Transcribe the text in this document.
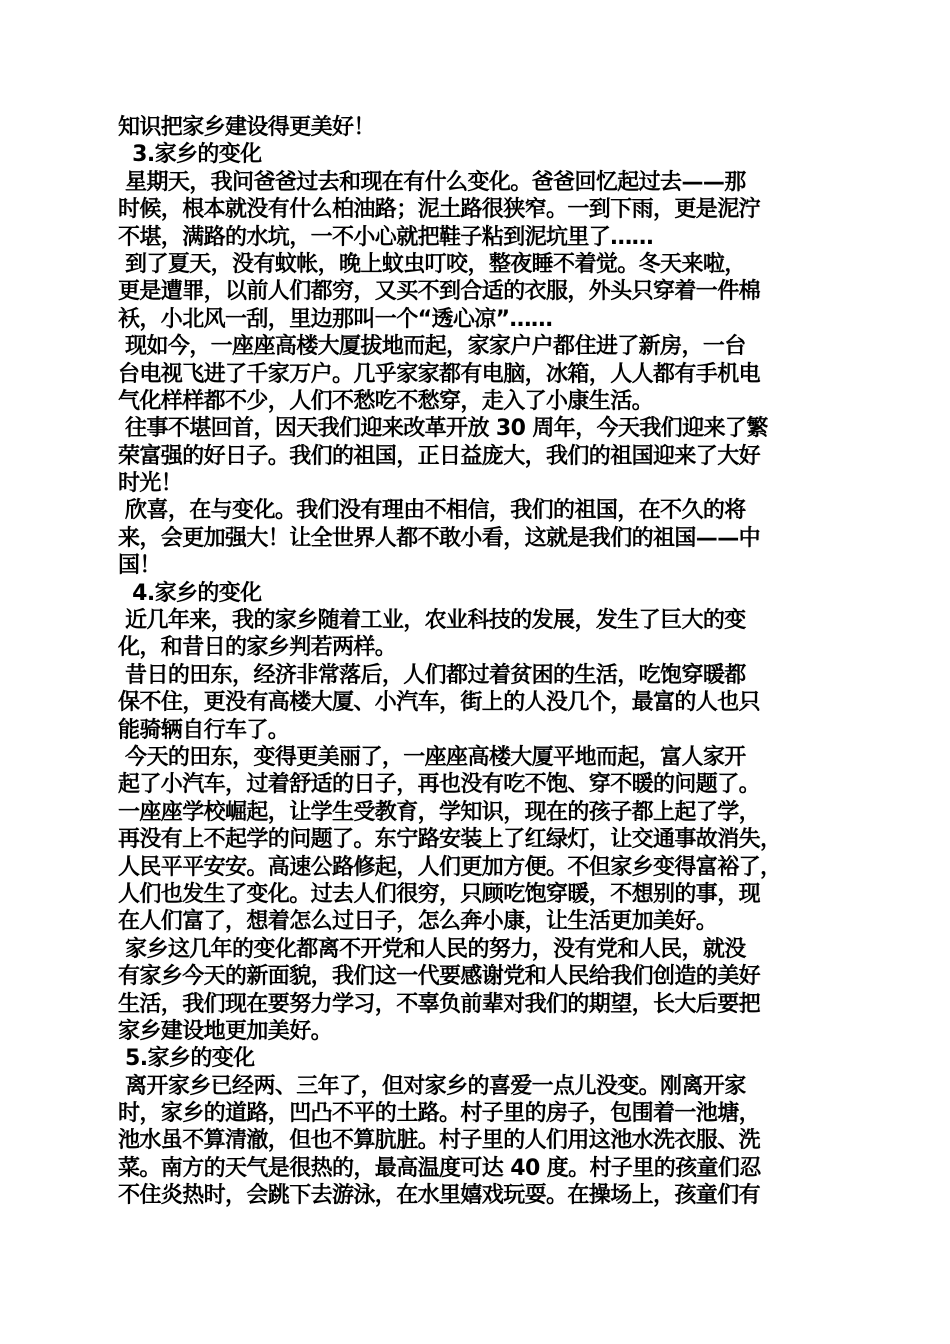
知识把家乡建设得更美好！
3.家乡的变化
星期天，我问爸爸过去和现在有什么变化。爸爸回忆起过去——那
时候，根本就没有什么柏油路；泥土路很狭窄。一到下雨，更是泥泞
不堪，满路的水坑，一不小心就把鞋子粘到泥坑里了……
到了夏天，没有蚊帐，晚上蚊虫叮咬，整夜睡不着觉。冬天来啦，
更是遭罪，以前人们都穷，又买不到合适的衣服，外头只穿着一件棉
袄，小北风一刮，里边那叫一个“透心凉”……
现如今，一座座高楼大厦拔地而起，家家户户都住进了新房，一台
台电视飞进了千家万户。几乎家家都有电脑，冰箱，人人都有手机电
气化样样都不少，人们不愁吃不愁穿，走入了小康生活。
往事不堪回首，因天我们迎来改革开放 30 周年，今天我们迎来了繁
荣富强的好日子。我们的祖国，正日益庞大，我们的祖国迎来了大好
时光！
欣喜，在与变化。我们没有理由不相信，我们的祖国，在不久的将
来，会更加强大！让全世界人都不敢小看，这就是我们的祖国——中
国！
4.家乡的变化
近几年来，我的家乡随着工业，农业科技的发展，发生了巨大的变
化，和昔日的家乡判若两样。
昔日的田东，经济非常落后，人们都过着贫困的生活，吃饱穿暖都
保不住，更没有高楼大厦、小汽车，街上的人没几个，最富的人也只
能骑辆自行车了。
今天的田东，变得更美丽了，一座座高楼大厦平地而起，富人家开
起了小汽车，过着舒适的日子，再也没有吃不饱、穿不暖的问题了。
一座座学校崛起，让学生受教育，学知识，现在的孩子都上起了学，
再没有上不起学的问题了。东宁路安装上了红绿灯，让交通事故消失，
人民平平安安。高速公路修起，人们更加方便。不但家乡变得富裕了，
人们也发生了变化。过去人们很穷，只顾吃饱穿暖，不想别的事，现
在人们富了，想着怎么过日子，怎么奔小康，让生活更加美好。
家乡这几年的变化都离不开党和人民的努力，没有党和人民，就没
有家乡今天的新面貌，我们这一代要感谢党和人民给我们创造的美好
生活，我们现在要努力学习，不辜负前辈对我们的期望，长大后要把
家乡建设地更加美好。
5.家乡的变化
离开家乡已经两、三年了，但对家乡的喜爱一点儿没变。刚离开家
时，家乡的道路，凹凸不平的土路。村子里的房子，包围着一池塘，
池水虽不算清澈，但也不算肮脏。村子里的人们用这池水洗衣服、洗
菜。南方的天气是很热的，最高温度可达 40 度。村子里的孩童们忍
不住炎热时，会跳下去游泳，在水里嬉戏玩耍。在操场上，孩童们有
